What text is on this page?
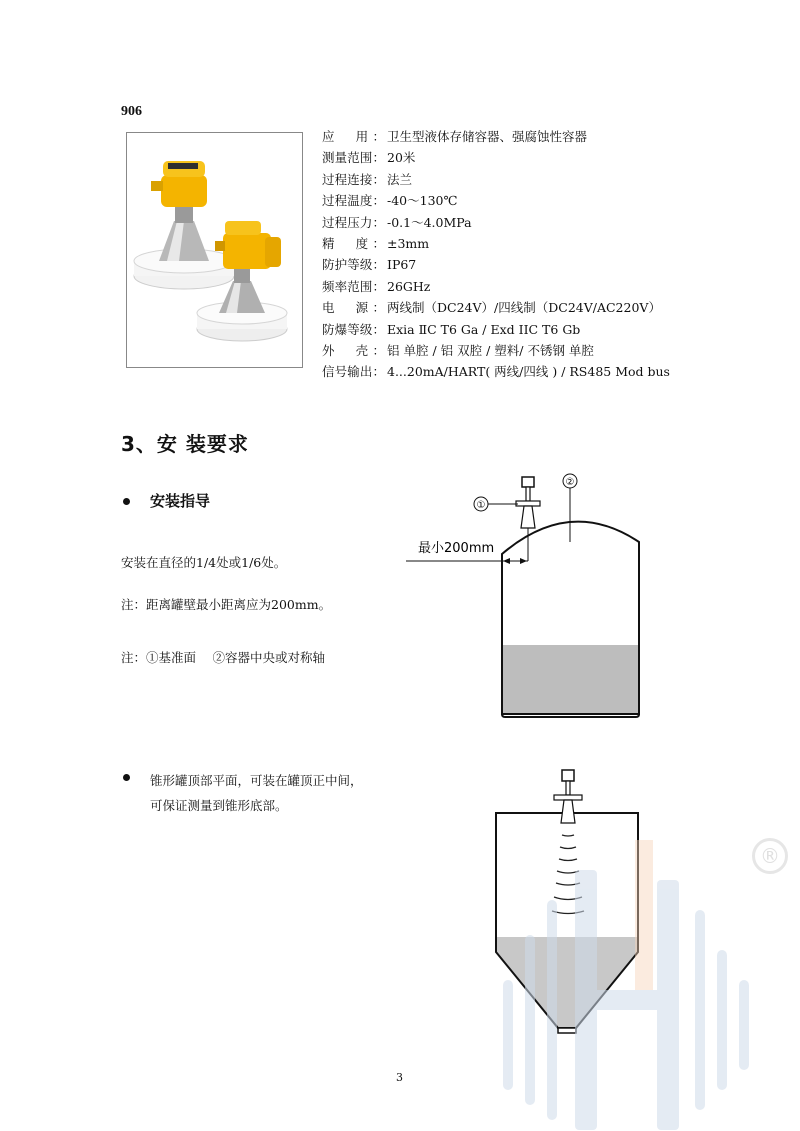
906
应　用： 卫生型液体存储容器、强腐蚀性容器
测量范围： 20米
过程连接： 法兰
过程温度： -40～130℃
过程压力： -0.1～4.0MPa
精　度： ±3mm
防护等级： IP67
频率范围： 26GHz
电　源： 两线制（DC24V）/四线制（DC24V/AC220V）
防爆等级： Exia ⅡC T6 Ga / Exd IIC T6 Gb
外　壳： 铝 单腔 / 铝 双腔 / 塑料/ 不锈钢 单腔
信号输出： 4...20mA/HART( 两线/四线 ) / RS485 Mod bus
3、安 装要求
安装指导
安装在直径的1/4处或1/6处。
注：距离罐壁最小距离应为200mm。
注：①基准面　 ②容器中央或对称轴
①
②
最小200mm
锥形罐顶部平面，可装在罐顶正中间，
可保证测量到锥形底部。
®
3
